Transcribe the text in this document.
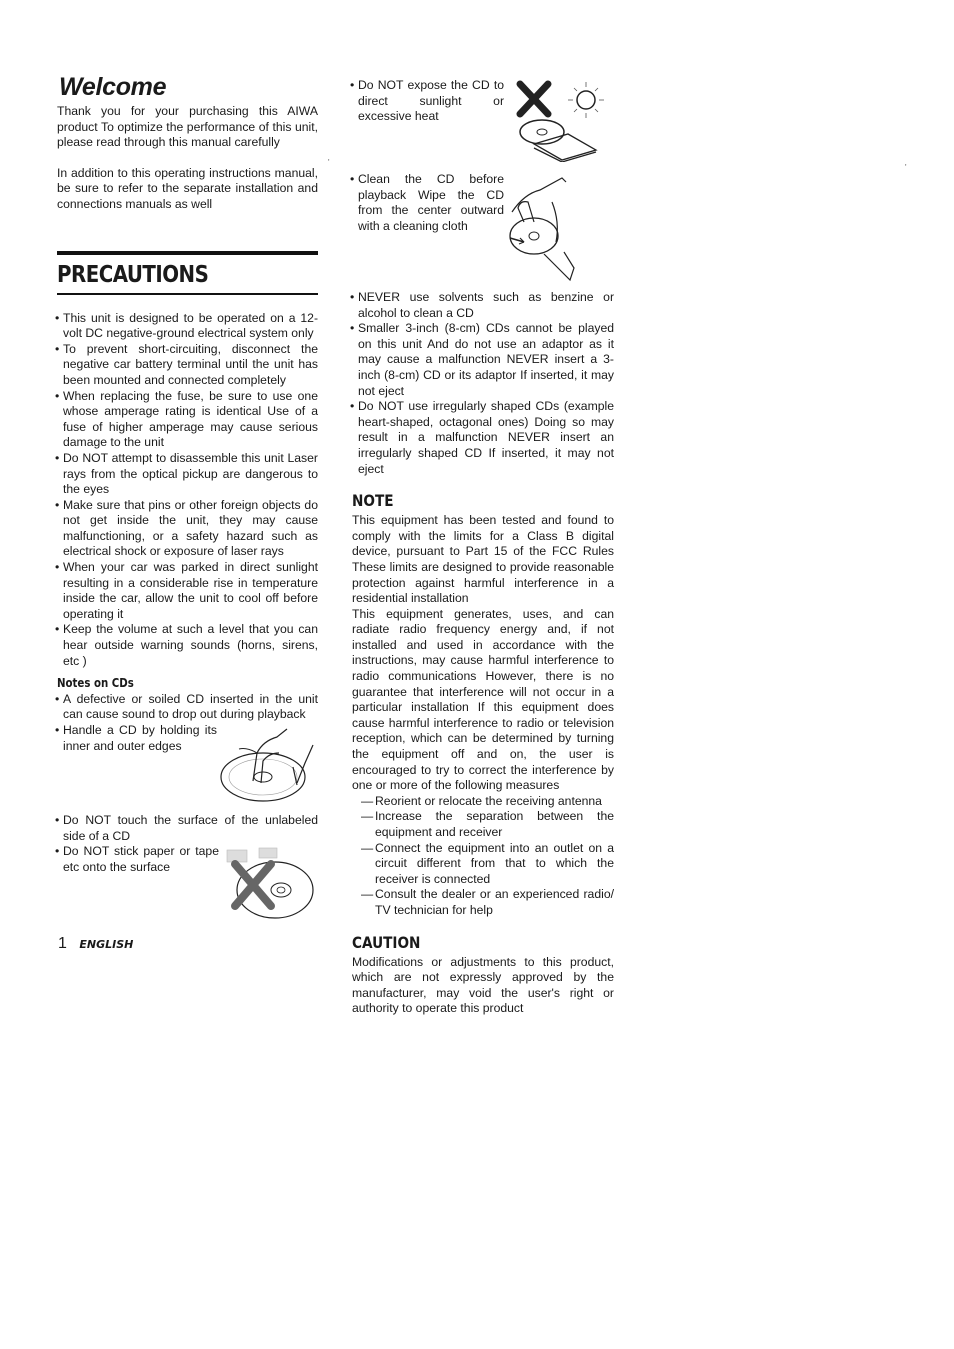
Welcome

Thank you for your purchasing this AIWA product To optimize the performance of this unit, please read through this manual carefully

In addition to this operating instructions manual, be sure to refer to the separate installation and connections manuals as well

PRECAUTIONS
• This unit is designed to be operated on a 12-volt DC negative-ground electrical system only
• To prevent short-circuiting, disconnect the negative car battery terminal until the unit has been mounted and connected completely
• When replacing the fuse, be sure to use one whose amperage rating is identical Use of a fuse of higher amperage may cause serious damage to the unit
• Do NOT attempt to disassemble this unit Laser rays from the optical pickup are dangerous to the eyes
• Make sure that pins or other foreign objects do not get inside the unit, they may cause malfunctioning, or a safety hazard such as electrical shock or exposure of laser rays
• When your car was parked in direct sunlight resulting in a considerable rise in temperature inside the car, allow the unit to cool off before operating it
• Keep the volume at such a level that you can hear outside warning sounds (horns, sirens, etc )
Notes on CDs
• A defective or soiled CD inserted in the unit can cause sound to drop out during playback
• Handle a CD by holding its inner and outer edges
• Do NOT touch the surface of the unlabeled side of a CD
• Do NOT stick paper or tape etc onto the surface
• Do NOT expose the CD to direct sunlight or excessive heat
• Clean the CD before playback Wipe the CD from the center outward with a cleaning cloth
• NEVER use solvents such as benzine or alcohol to clean a CD
• Smaller 3-inch (8-cm) CDs cannot be played on this unit And do not use an adaptor as it may cause a malfunction NEVER insert a 3-inch (8-cm) CD or its adaptor If inserted, it may not eject
• Do NOT use irregularly shaped CDs (example heart-shaped, octagonal ones) Doing so may result in a malfunction NEVER insert an irregularly shaped CD If inserted, it may not eject
NOTE

This equipment has been tested and found to comply with the limits for a Class B digital device, pursuant to Part 15 of the FCC Rules These limits are designed to provide reasonable protection against harmful interference in a residential installation

This equipment generates, uses, and can radiate radio frequency energy and, if not installed and used in accordance with the instructions, may cause harmful interference to radio communications However, there is no guarantee that interference will not occur in a particular installation If this equipment does cause harmful interference to radio or television reception, which can be determined by turning the equipment off and on, the user is encouraged to try to correct the interference by one or more of the following measures

— Reorient or relocate the receiving antenna
— Increase the separation between the equipment and receiver
— Connect the equipment into an outlet on a circuit different from that to which the receiver is connected
— Consult the dealer or an experienced radio/ TV technician for help
CAUTION

Modifications or adjustments to this product, which are not expressly approved by the manufacturer, may void the user's right or authority to operate this product

1 ENGLISH
'
'
